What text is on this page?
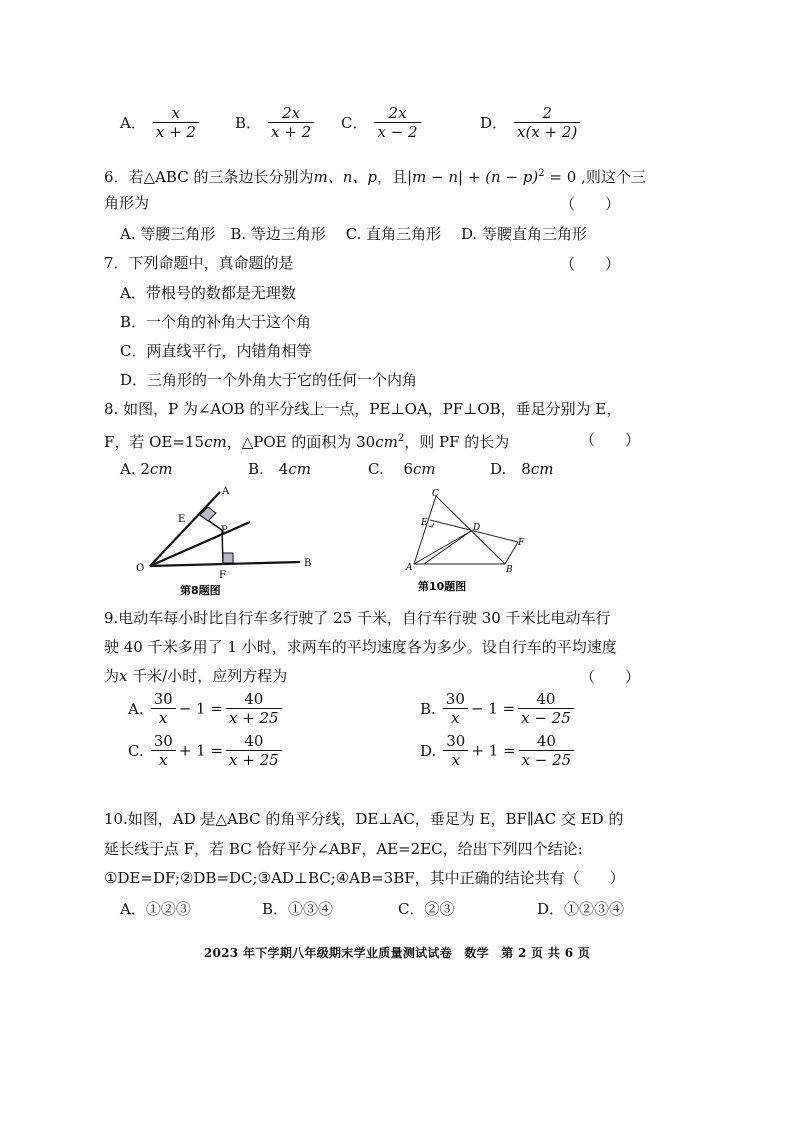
A． $\frac{x}{x + 2}$ B． $\frac{2x}{x + 2}$ C． $\frac{2x}{x - 2}$	D． $\frac{2}{x(x + 2)}$
6．若△ABC 的三条边长分别为m、n、p，且$|m - n| + (n - p)^2 = 0$ ,则这个三
角形为	（　　）
A. 等腰三角形　B. 等边三角形　 C. 直角三角形　 D. 等腰直角三角形
7．下列命题中，真命题的是	（　　）
A．带根号的数都是无理数
B．一个角的补角大于这个角
C．两直线平行，内错角相等
D．三角形的一个外角大于它的任何一个内角
8. 如图，P 为∠AOB 的平分线上一点，PE⊥OA，PF⊥OB，垂足分别为 E，
F，若 OE=15cm，△POE 的面积为 $30cm^2$，则 PF 的长为	（　　）
A. 2cm	B.　4cm	C.　 6cm	D.　8cm
A
E
P
O
F
B
第8题图
C
E	D
F
A	B
第10题图
9.电动车每小时比自行车多行驶了 25 千米，自行车行驶 30 千米比电动车行
驶 40 千米多用了 1 小时，求两车的平均速度各为多少。设自行车的平均速度
为x 千米/小时，应列方程为	（　　）
A. $\frac{30}{x} - 1 = \frac{40}{x + 25}$	B. $\frac{30}{x} - 1 = \frac{40}{x - 25}$
C. $\frac{30}{x} + 1 = \frac{40}{x + 25}$	D. $\frac{30}{x} + 1 = \frac{40}{x - 25}$
10.如图，AD 是△ABC 的角平分线，DE⊥AC，垂足为 E，BF∥AC 交 ED 的
延长线于点 F，若 BC 恰好平分∠ABF，AE=2EC，给出下列四个结论:
①DE=DF;②DB=DC;③AD⊥BC;④AB=3BF，其中正确的结论共有（　　）
A．①②③	B．①③④	C．②③	D．①②③④
2023 年下学期八年级期末学业质量测试试卷　数学　第 2 页 共 6 页
